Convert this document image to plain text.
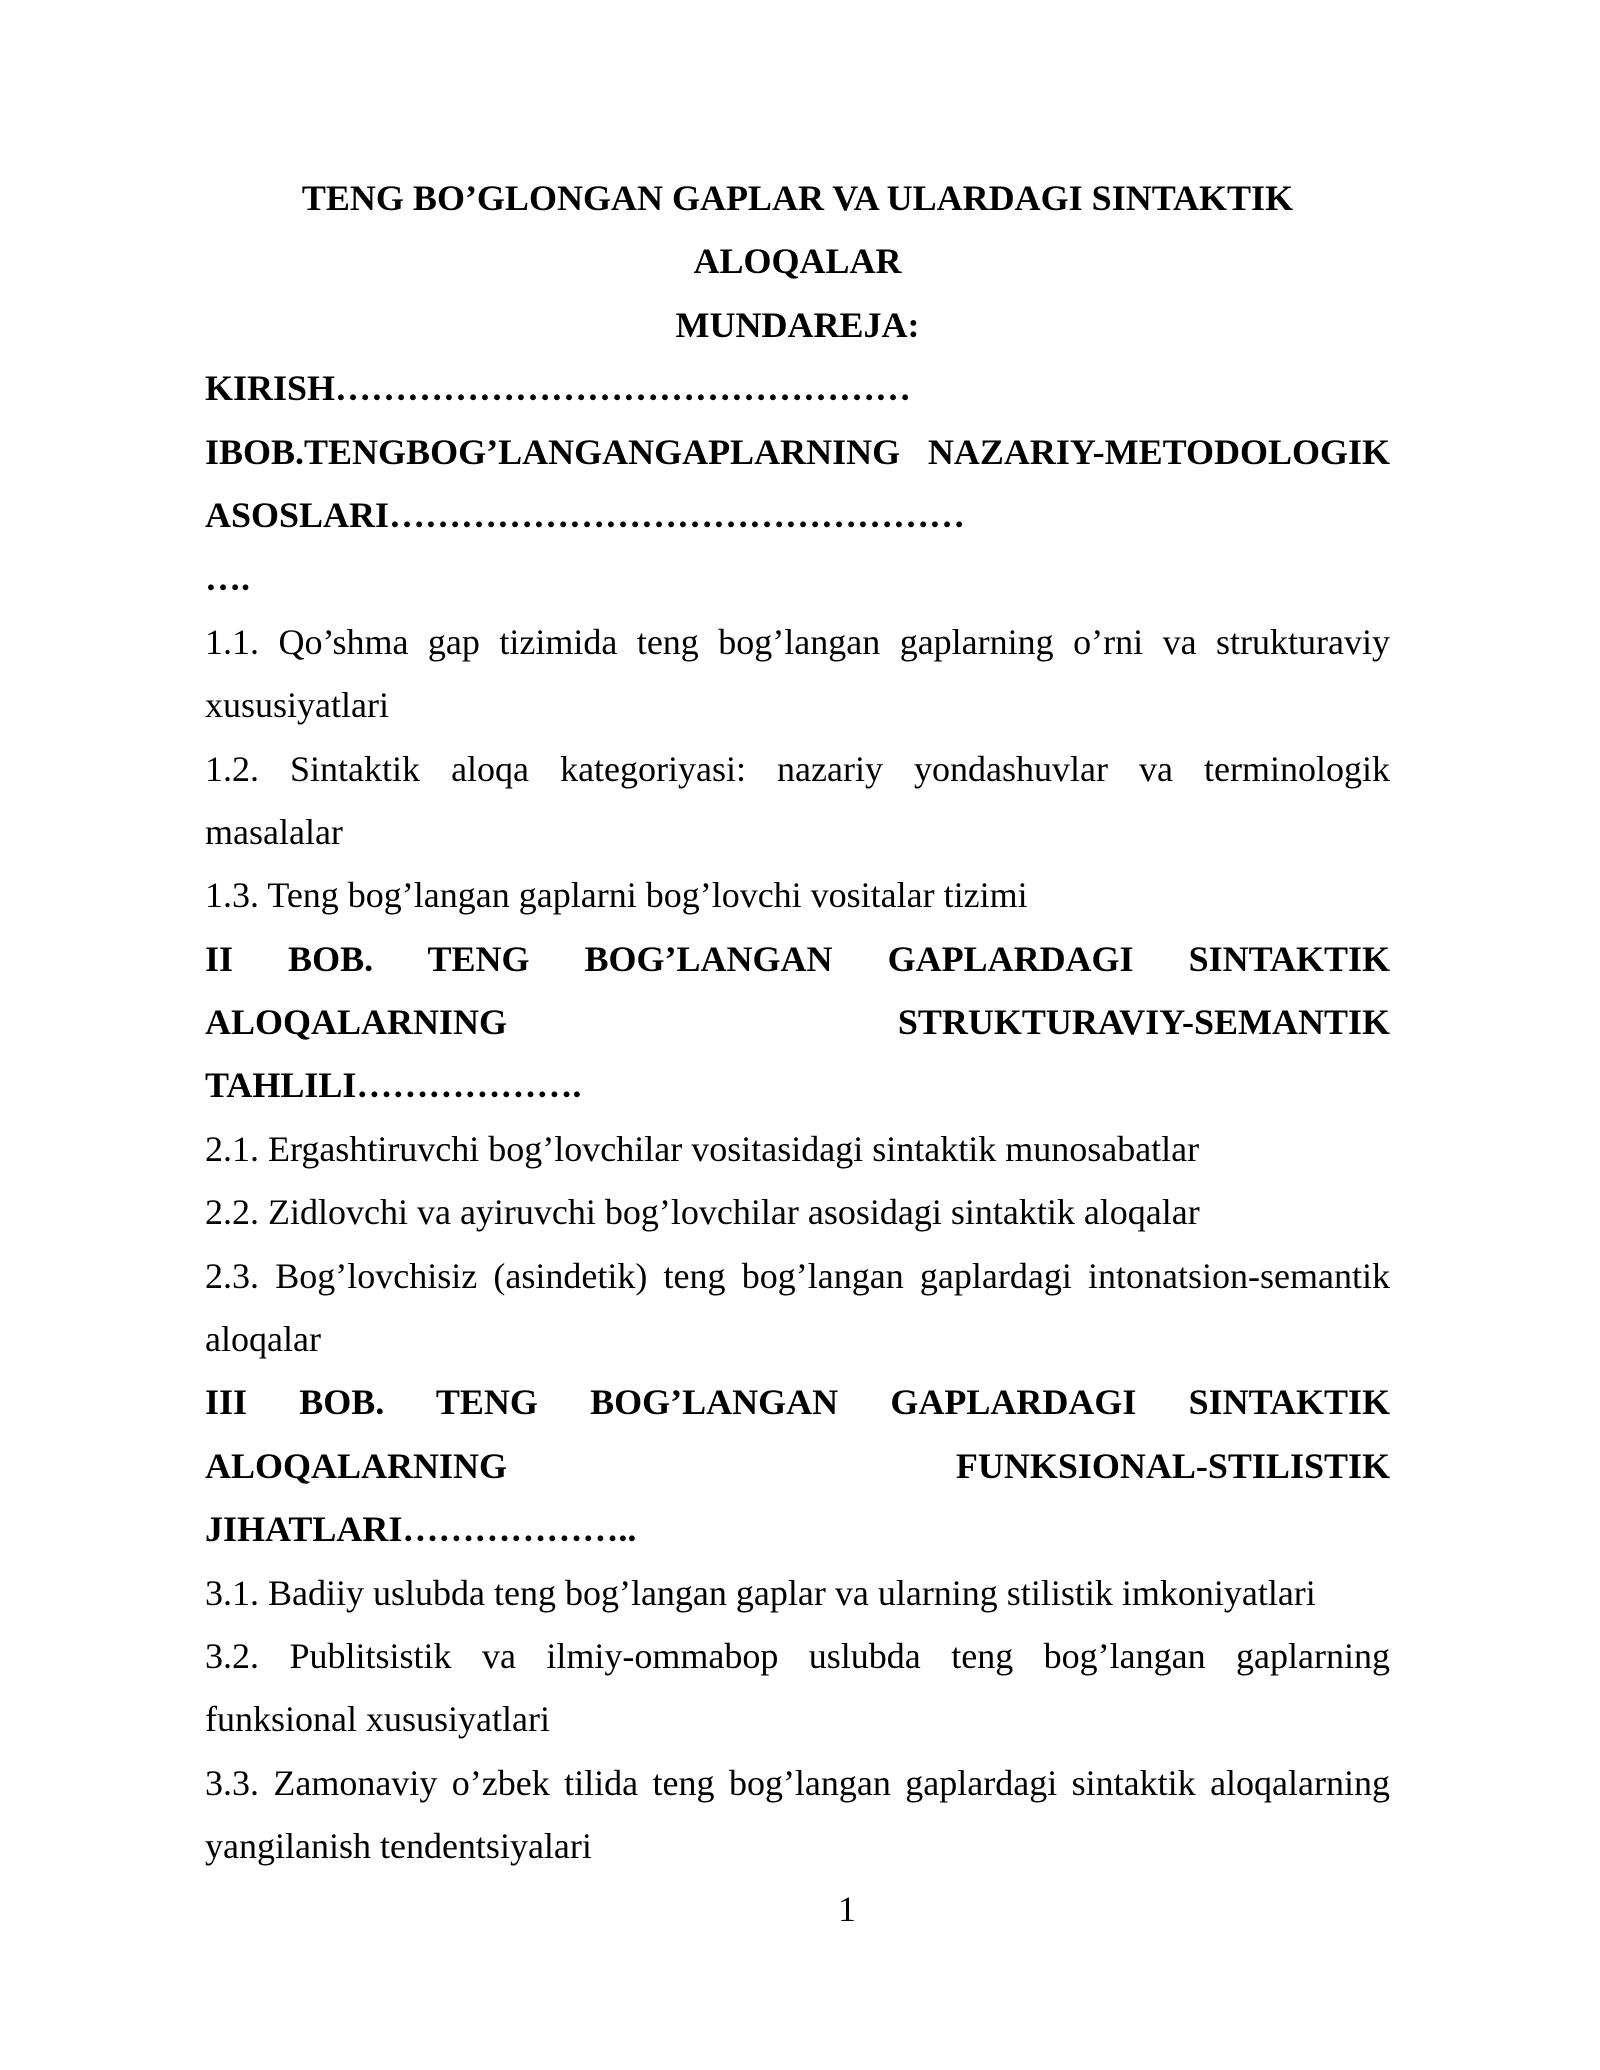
TENG BO’GLONGAN GAPLAR VA ULARDAGI SINTAKTIK
ALOQALAR
MUNDAREJA:
KIRISH…………………………………………
IBOB.TENGBOG’LANGANGAPLARNING NAZARIY-METODOLOGIK
ASOSLARI…………………………………………
….
1.1. Qo’shma gap tizimida teng bog’langan gaplarning o’rni va strukturaviy
xususiyatlari
1.2. Sintaktik aloqa kategoriyasi: nazariy yondashuvlar va terminologik
masalalar
1.3. Teng bog’langan gaplarni bog’lovchi vositalar tizimi
II BOB. TENG BOG’LANGAN GAPLARDAGI SINTAKTIK
ALOQALARNING STRUKTURAVIY-SEMANTIK
TAHLILI……………….
2.1. Ergashtiruvchi bog’lovchilar vositasidagi sintaktik munosabatlar
2.2. Zidlovchi va ayiruvchi bog’lovchilar asosidagi sintaktik aloqalar
2.3. Bog’lovchisiz (asindetik) teng bog’langan gaplardagi intonatsion-semantik
aloqalar
III BOB. TENG BOG’LANGAN GAPLARDAGI SINTAKTIK
ALOQALARNING FUNKSIONAL-STILISTIK
JIHATLARI………………..
3.1. Badiiy uslubda teng bog’langan gaplar va ularning stilistik imkoniyatlari
3.2. Publitsistik va ilmiy-ommabop uslubda teng bog’langan gaplarning
funksional xususiyatlari
3.3. Zamonaviy o’zbek tilida teng bog’langan gaplardagi sintaktik aloqalarning
yangilanish tendentsiyalari
1
